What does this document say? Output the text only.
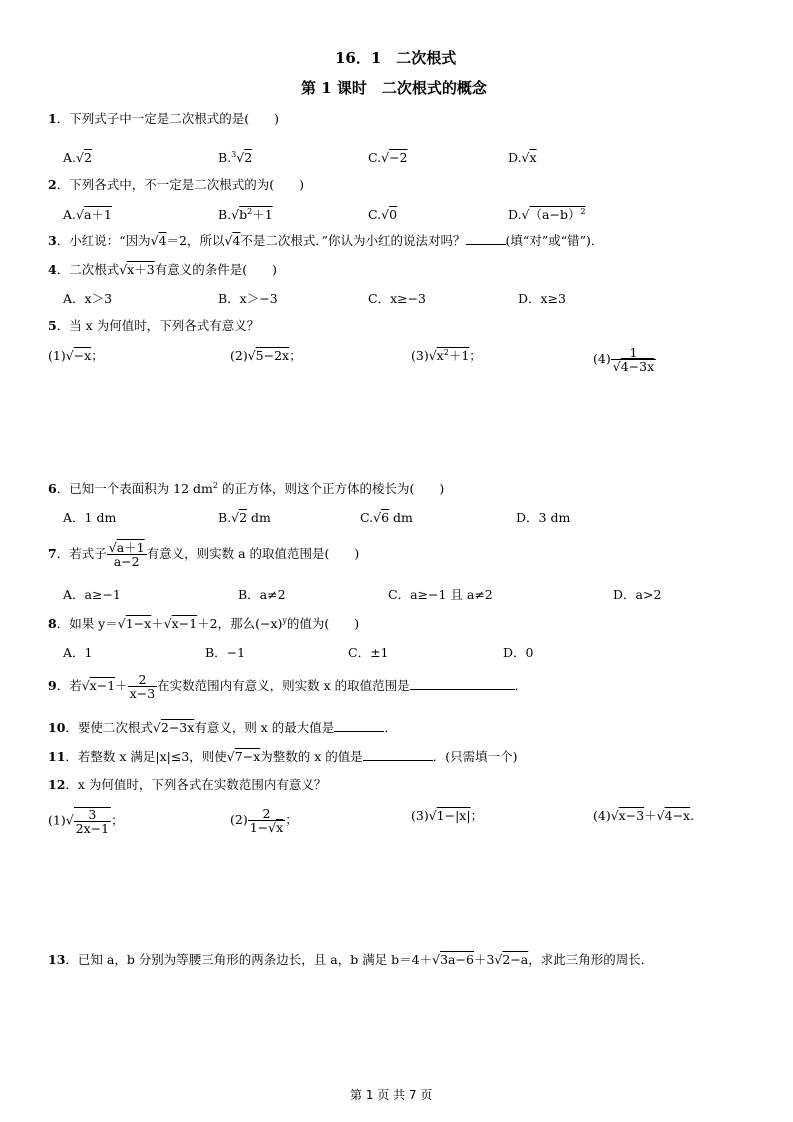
16．1　二次根式
第 1 课时　二次根式的概念
1．下列式子中一定是二次根式的是(　　)
A.√2	B.$^3$√2	C.√−2	D.√x
2．下列各式中，不一定是二次根式的为(　　)
A.√a＋1	$B.√b^2+1$	C.√0	$D.√(a-b)^2$
3．小红说：“因为√4＝2，所以√4不是二次根式．”你认为小红的说法对吗？	(填“对”或“错”)．
4．二次根式√x＋3有意义的条件是(　　)
A．x＞3	B．x＞−3	C．x≥−3	D．x≥3
5．当 x 为何值时，下列各式有意义？
(1)√−x；	(2)√5−2x；	$(3)√x^2+1$；	$(4) \frac{1}{√4-3x}$
6．已知一个表面积为 12 $dm^2$ 的正方体，则这个正方体的棱长为(　　)
A．1 dm	B.√2 dm	C.√6 dm	D．3 dm
7．若式子 $\frac{√a+1}{a-2}$ 有意义，则实数 a 的取值范围是(　　)
A．a≥−1	B．a≠2	C．a≥−1 且 a≠2	D．a>2
8．如果 y＝√1−x＋√x−1＋2，那么$(-x)^y$的值为(　　)
A．1	B．−1	C．±1	D．0
9．若$√x-1+ \frac{2}{x-3}$ 在实数范围内有意义，则实数 x 的取值范围是	．
10．要使二次根式√2−3x有意义，则 x 的最大值是	．
11．若整数 x 满足|x|≤3，则使√7−x为整数的 x 的值是	．(只需填一个)
12．x 为何值时，下列各式在实数范围内有意义？
$(1)√ \frac{3}{2x-1}$ ；	$(2) \frac{2}{1-√x}$ ；	(3)√1−|x|；	(4)√x−3＋√4−x.
13．已知 a，b 分别为等腰三角形的两条边长，且 a，b 满足 b＝4＋√3a−6＋3√2−a，求此三角形的周长．
第 1 页 共 7 页
